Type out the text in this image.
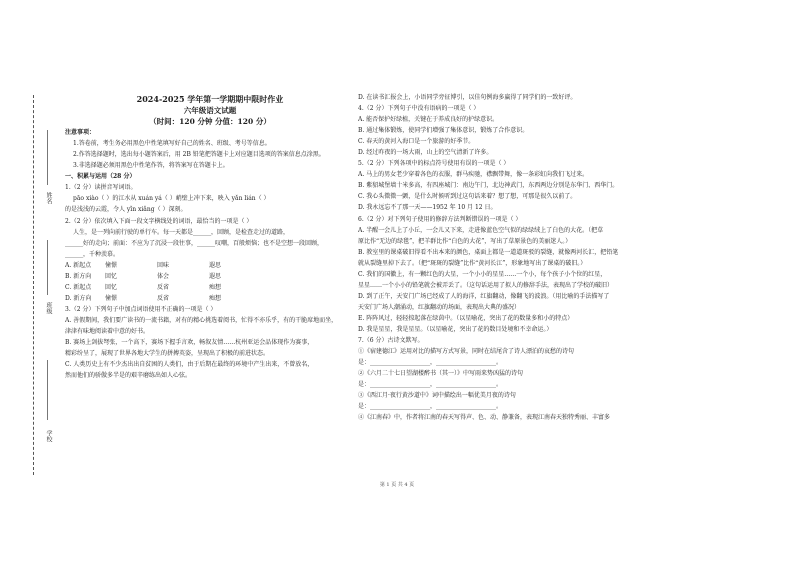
姓名
班级
学校
2024-2025 学年第一学期期中限时作业
六年级语文试题
（时间：120 分钟 分值：120 分）
注意事项：
1.答卷前，考生务必用黑色中性笔填写好自己的姓名、班级、考号等信息。
2.作答选择题时，选出每小题答案后，用 2B 铅笔把答题卡上对应题目选项的答案信息点涂黑。
3.非选择题必须用黑色中性笔作答，将答案写在答题卡上。
一、积累与运用（28 分）
1.（2 分）读拼音写词语。
pāo xiào（ ）的江水从 xuán yá（ ）峭壁上冲下来，映入 yǎn lián（ ）
的是浅浅的云霞，令人 yǐn xiǎng（ ）深刻。
2.（2 分）依次填入下面一段文字横线处的词语，最恰当的一项是（ ）
人生，是一列向前行驶的单行车。每一天都是______，回顾，是检查走过的道路，
______好的走向；前面：不应为了沉浸一段往事，______叹嘲，百般烦恼；也不是空想一段回顾，
______，千种羡慕。
A. 新起点	憧憬	回味	遐思
B. 新方向	回忆	体会	遐思
C. 新起点	回忆	反省	痴想
D. 新方向	憧憬	反省	痴想
3.（2 分）下列句子中加点词语使用不正确的一项是（ ）
A. 善假期间，我们要广读书的一流书籍，对有的精心挑选着阅书，忙得不亦乐乎，有的干脆席地而坐，
津津有味地阅读着中意的好书。
B. 赛场上剑拔弩张，一个高下，赛场下握手言欢，畅叙友情……杭州亚运会品体现作为赛事，
精彩纷呈了，展现了世界各地大学生的拼搏英姿，呈现出了积极的前进状态。
C. 人类历史上有不少杰出出自贫困的人类们，由于后期在最终的环境中产生出来，不曾放名，
然而他们的骄傲多半是的艰辛磨练出如人心弦。
D. 在读书汇报会上，小语同学旁征博引，以佳句例海多赢得了同学们的一致好评。
4.（2 分）下列句子中没有语病的一项是（ ）
A. 能否保护好绿植，关键在于养成良好的护绿意识。
B. 通过集体锻炼，使同学们增强了集体意识，锻炼了合作意识。
C. 春天的黄河入海口是一个旅游的好季节。
D. 经过昨夜的一场大雨，山上的空气清新了许多。
5.（2 分）下列各项中的标点符号使用有误的一项是（ ）
A. 马上的男女老少穿着各色的衣服，群马疾驰，襟飘带舞，像一条彩虹向我们飞过来。
B. 紫貂城堡墙十米多高，有四座城门：南边午门，北边神武门，东西两边分别是东华门、西华门。
C. 我心头微微一颤，是什么时候听到过这句话来着？想了想，可那是很久以前了。
D. 我永远忘不了那一天——1952 年 10 月 12 日。
6.（2 分）对下列句子使用的修辞方法判断错误的一项是（ ）
A. 半醒一会儿上了小丘，一会儿又下来，走进像蓝色空气似的绿绿绒上了白色的大花。（把草
原比作“无边的绿毯”，把羊群比作“白色的大花”，写出了草原景色的美丽迷人。）
B. 教室里的课桌破旧得看不出本来的颜色，桌面上都是一道道斑驳的裂缝，就像两河长汇，把铅笔
就从裂缝里掉下去了。（把“斑斑的裂缝”比作“黄河长江”，形象地写出了课桌的破旧。）
C. 我们的国徽上，有一颗红色的大星，一个小小的星星……一个小，每个孩子小个位的红星，
星星……一个小小的铅笔就会被弄丢了。（这句话运用了拟人的修辞手法，表现出了学校的破旧）
D. 到了正午，天安门广场已经成了人的海洋，红旗翻动，像翻飞的波浪。（用比喻的手法描写了
天安门广场人潮涌动，红旗翻动的场面，表现出大典的盛况）
E. 阵阵风过，轻轻掠起落在绿茵中。（以星喻花，突出了花的数量多和小的特点）
D. 我是星星，我是星星。（以星喻花，突出了花的数目处境和不幸命运。）
7.（6 分）古诗文默写。
①《宿建德江》运用对比的描写方式写景，同时在结尾含了诗人漂泊的哀愁的诗句
是：____________________，____________________。
②《六月二十七日望湖楼醉书（其一）》中写雨来势凶猛的诗句
是：____________________，____________________。
③《西江月·夜行黄沙道中》词中描绘出一幅优美月夜的诗句
是：____________________，____________________。
④《江南春》中，作者将江南的春天写得声、色、动、静兼备，表现江南春天独特秀丽、丰富多
第 1 页 共 4 页
